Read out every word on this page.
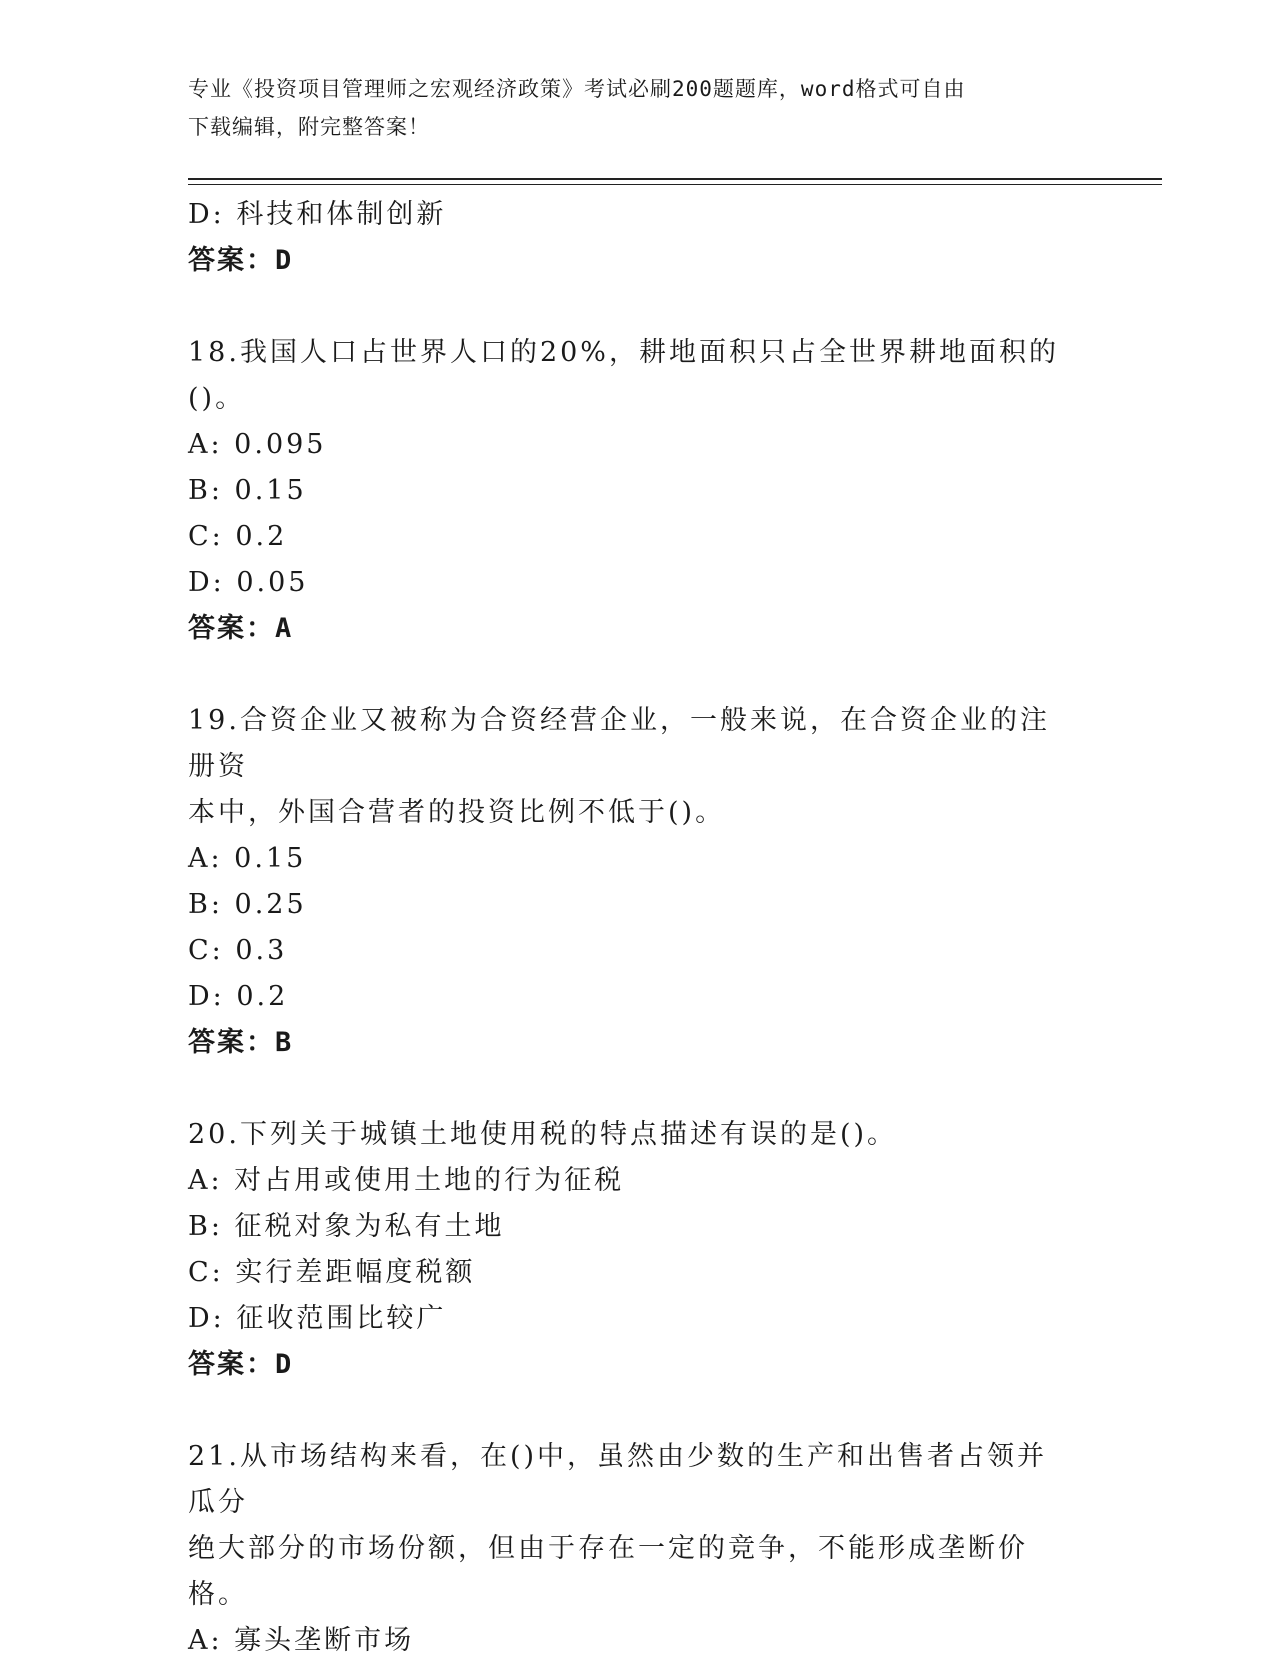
专业《投资项目管理师之宏观经济政策》考试必刷200题题库，word格式可自由
下载编辑，附完整答案！
D: 科技和体制创新
答案：D
18.我国人口占世界人口的20%，耕地面积只占全世界耕地面积的()。
A: 0.095
B: 0.15
C: 0.2
D: 0.05
答案：A
19.合资企业又被称为合资经营企业，一般来说，在合资企业的注册资
本中，外国合营者的投资比例不低于()。
A: 0.15
B: 0.25
C: 0.3
D: 0.2
答案：B
20.下列关于城镇土地使用税的特点描述有误的是()。
A: 对占用或使用土地的行为征税
B: 征税对象为私有土地
C: 实行差距幅度税额
D: 征收范围比较广
答案：D
21.从市场结构来看，在()中，虽然由少数的生产和出售者占领并瓜分
绝大部分的市场份额，但由于存在一定的竞争，不能形成垄断价格。
A: 寡头垄断市场
